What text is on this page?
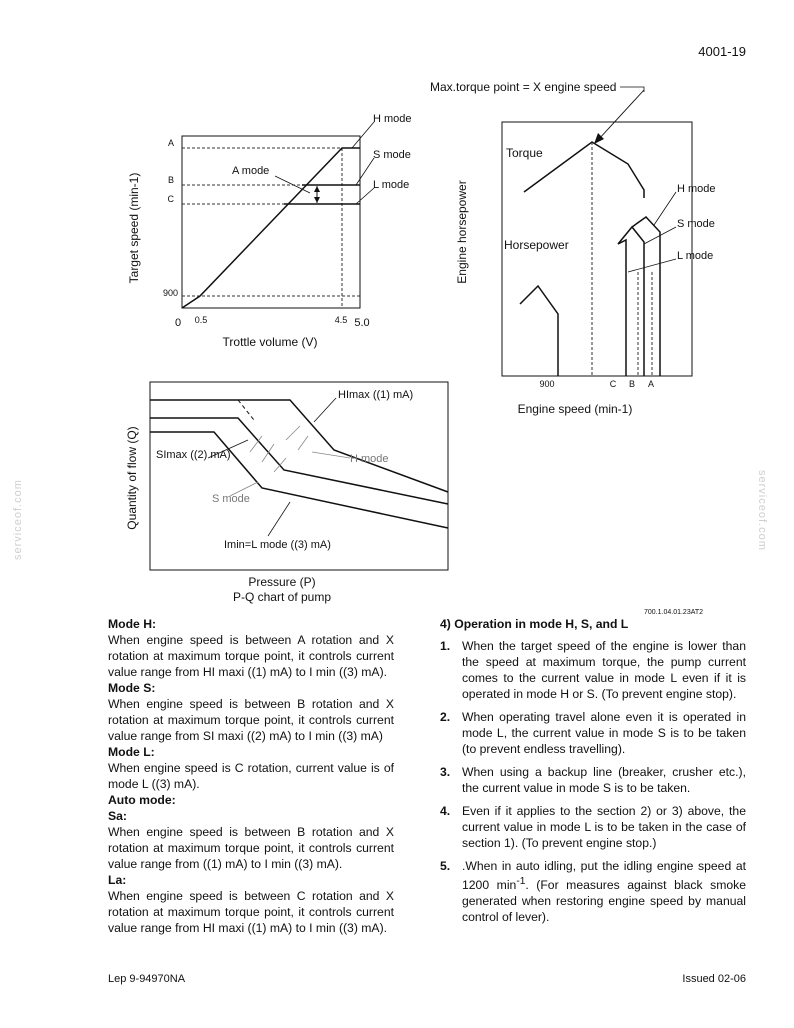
4001-19
serviceof.com	serviceof.com
A
B
C
900
0 0.5	4.5 5.0
H mode
S mode
L mode
A mode
Trottle volume (V)
Target speed (min-1)
Max.torque point = X engine speed
Torque
Horsepower
H mode
S mode
L mode
900	C B A
Engine speed (min-1)
Engine horsepower
HImax ((1) mA)
SImax ((2) mA)	H mode
S mode
Imin=L mode ((3) mA)
Pressure (P)
P-Q chart of pump
Quantity of flow (Q)
700.1.04.01.23AT2

Mode H:

When engine speed is between A rotation and X rotation at maximum torque point, it controls current value range from HI maxi ((1) mA) to I min ((3) mA).

Mode S:

When engine speed is between B rotation and X rotation at maximum torque point, it controls current value range from SI maxi ((2) mA) to I min ((3) mA)

Mode L:

When engine speed is C rotation, current value is of mode L ((3) mA).

Auto mode:

Sa:

When engine speed is between B rotation and X rotation at maximum torque point, it controls current value range from ((1) mA) to I min ((3) mA).

La:

When engine speed is between C rotation and X rotation at maximum torque point, it controls current value range from HI maxi ((1) mA) to I min ((3) mA).

4) Operation in mode H, S, and L
1. When the target speed of the engine is lower than the speed at maximum torque, the pump current comes to the current value in mode L even if it is operated in mode H or S. (To prevent engine stop).
2. When operating travel alone even it is operated in mode L, the current value in mode S is to be taken (to prevent endless travelling).
3. When using a backup line (breaker, crusher etc.), the current value in mode S is to be taken.
4. Even if it applies to the section 2) or 3) above, the current value in mode L is to be taken in the case of section 1). (To prevent engine stop.)
5. .When in auto idling, put the idling engine speed at 1200 $\min^{-1}$. (For measures against black smoke generated when restoring engine speed by manual control of lever).
Lep 9-94970NA	Issued 02-06
